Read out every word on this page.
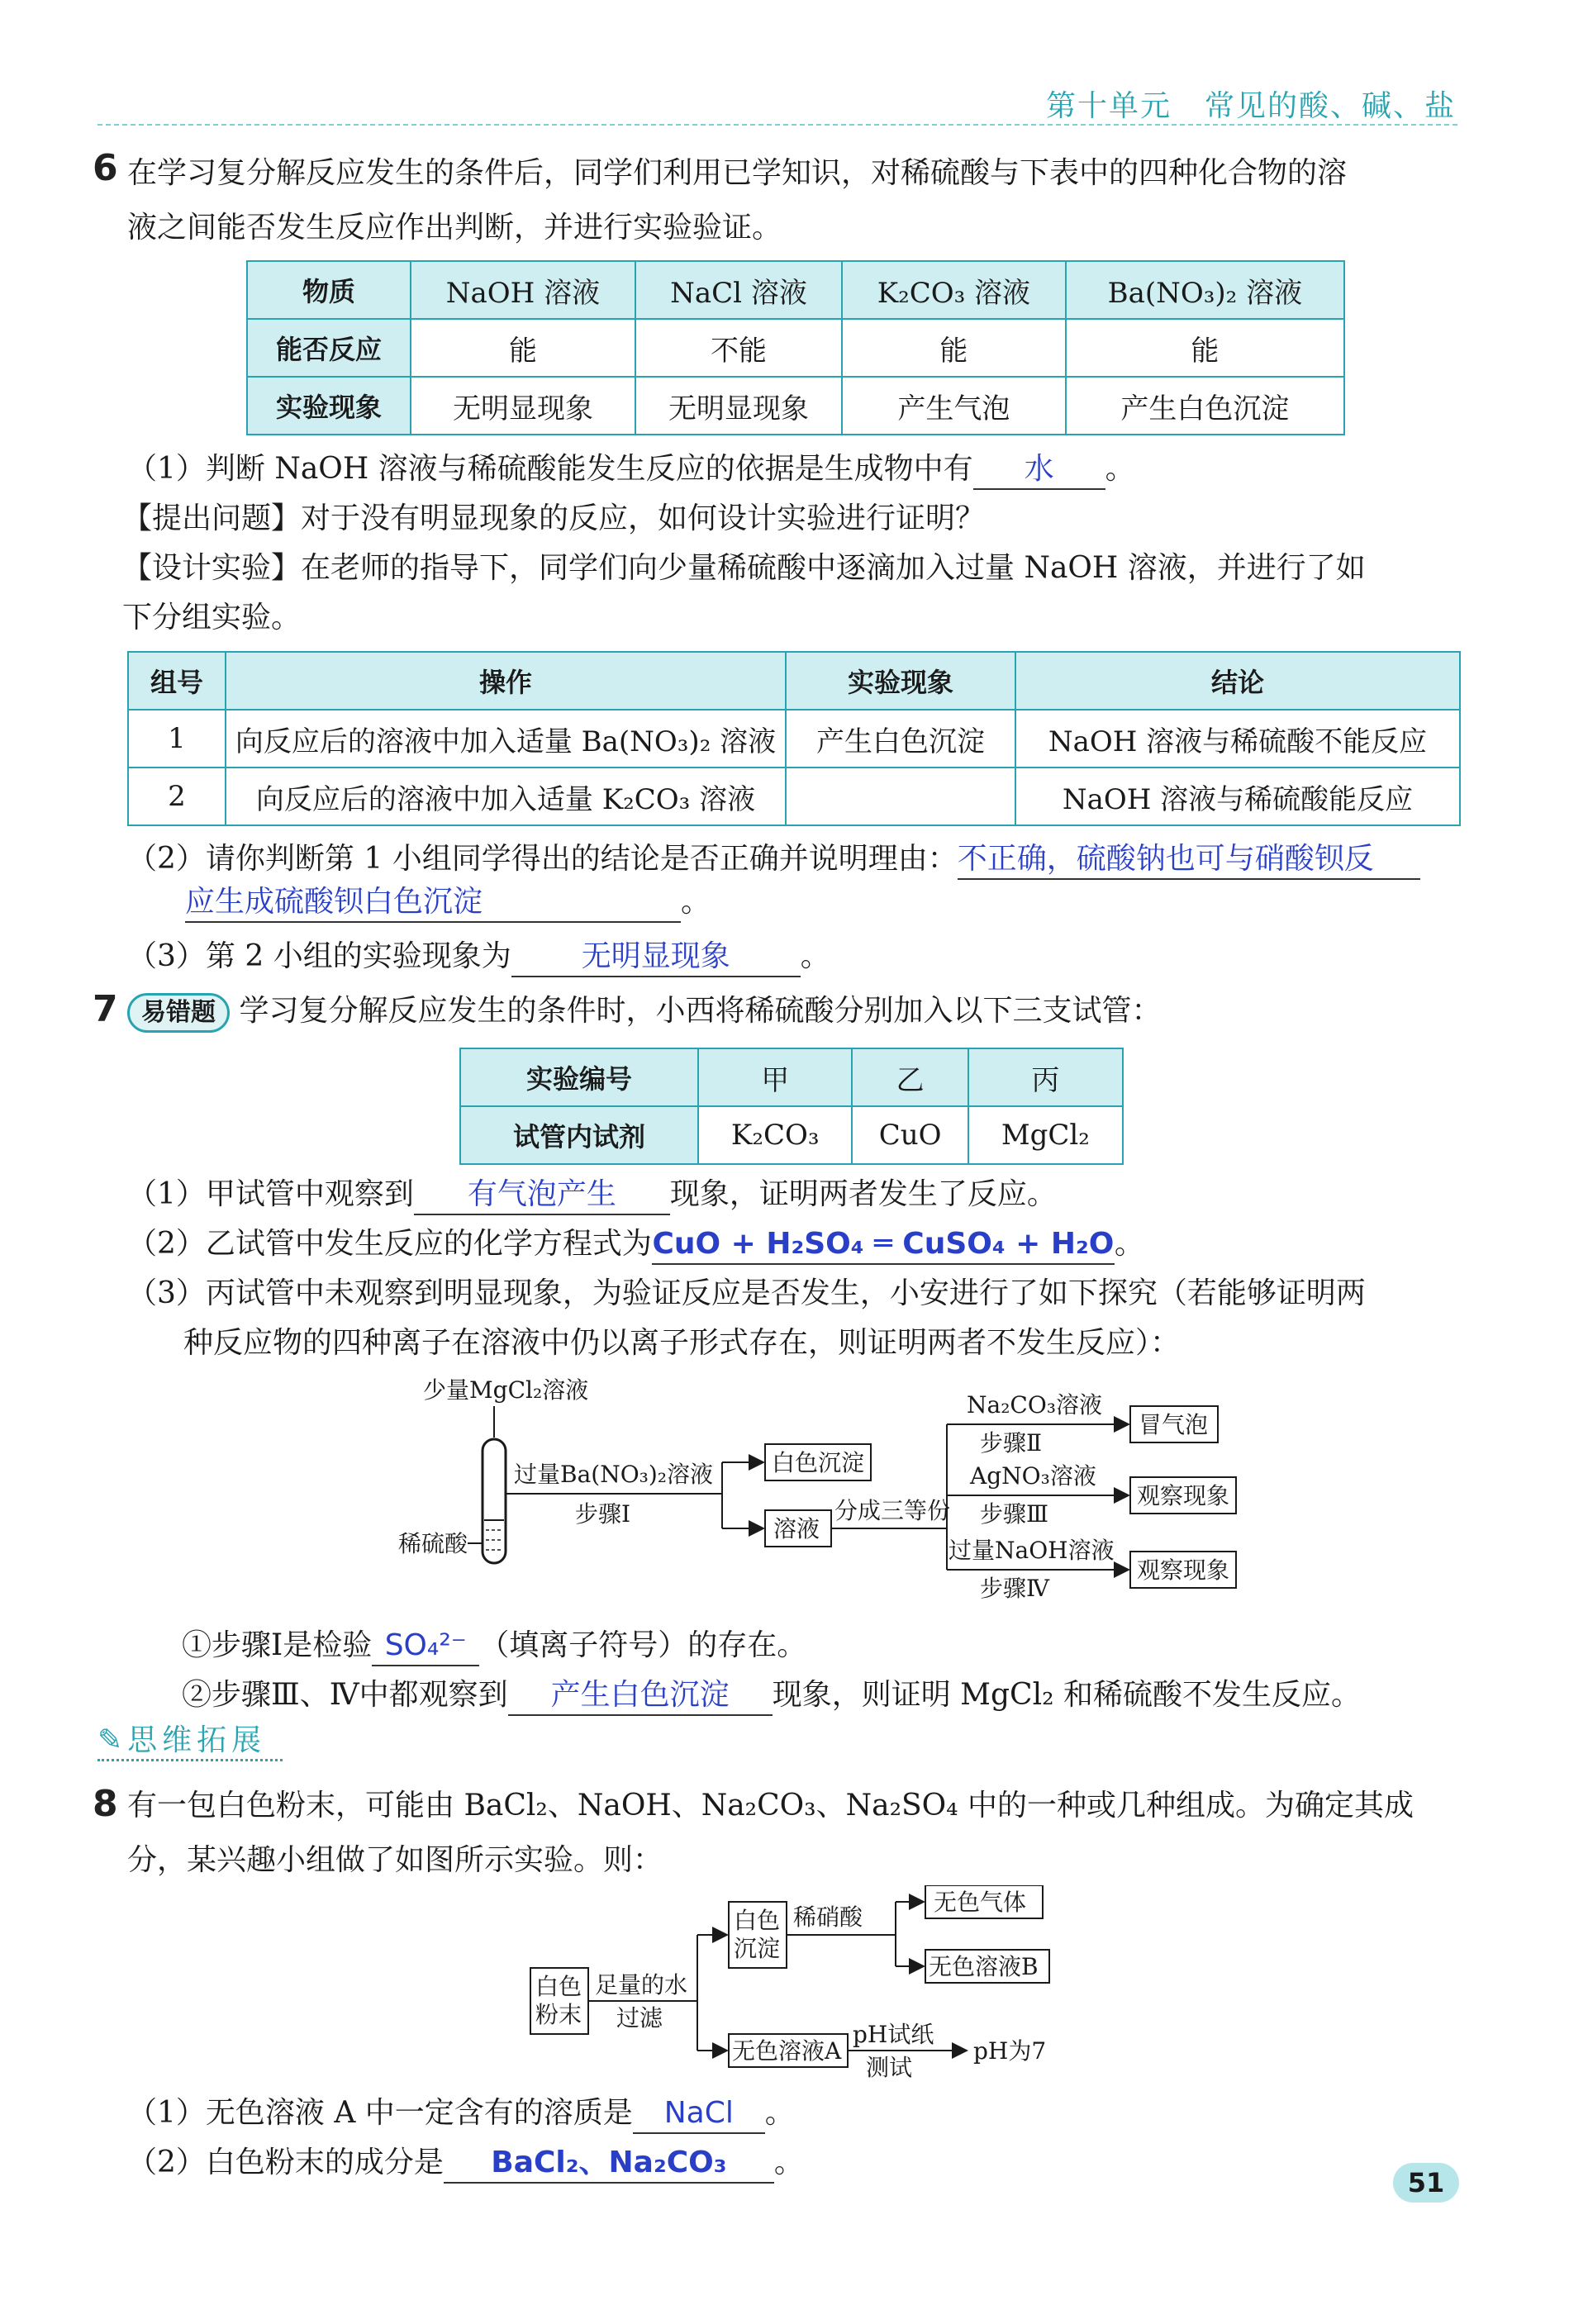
第十单元 常见的酸、碱、盐
6 在学习复分解反应发生的条件后，同学们利用已学知识，对稀硫酸与下表中的四种化合物的溶
液之间能否发生反应作出判断，并进行实验验证。
物质	NaOH 溶液	NaCl 溶液	K₂CO₃ 溶液	Ba(NO₃)₂ 溶液
能否反应	能	不能	能	能
实验现象	无明显现象	无明显现象	产生气泡	产生白色沉淀
（1）判断 NaOH 溶液与稀硫酸能发生反应的依据是生成物中有 水 。
【提出问题】对于没有明显现象的反应，如何设计实验进行证明？
【设计实验】在老师的指导下，同学们向少量稀硫酸中逐滴加入过量 NaOH 溶液，并进行了如
下分组实验。
组号	操作	实验现象	结论
1	向反应后的溶液中加入适量 Ba(NO₃)₂ 溶液	产生白色沉淀	NaOH 溶液与稀硫酸不能反应
2	向反应后的溶液中加入适量 K₂CO₃ 溶液		NaOH 溶液与稀硫酸能反应
（2）请你判断第 1 小组同学得出的结论是否正确并说明理由：不正确，硫酸钠也可与硝酸钡反
应生成硫酸钡白色沉淀	。
（3）第 2 小组的实验现象为 无明显现象 。
7 易错题 学习复分解反应发生的条件时，小西将稀硫酸分别加入以下三支试管：
实验编号	甲	乙	丙
试管内试剂	K₂CO₃	CuO	MgCl₂
（1）甲试管中观察到 有气泡产生 现象，证明两者发生了反应。
（2）乙试管中发生反应的化学方程式为CuO + H₂SO₄ ═ CuSO₄ + H₂O。
（3）丙试管中未观察到明显现象，为验证反应是否发生，小安进行了如下探究（若能够证明两
种反应物的四种离子在溶液中仍以离子形式存在，则证明两者不发生反应）：
少量MgCl₂溶液
稀硫酸
过量Ba(NO₃)₂溶液
步骤Ⅰ
白色沉淀
溶液
分成三等份
Na₂CO₃溶液
步骤Ⅱ
AgNO₃溶液
步骤Ⅲ
过量NaOH溶液
步骤Ⅳ
冒气泡
观察现象
观察现象
①步骤Ⅰ是检验 SO₄²⁻ （填离子符号）的存在。
②步骤Ⅲ、Ⅳ中都观察到 产生白色沉淀 现象，则证明 MgCl₂ 和稀硫酸不发生反应。
✎思维拓展
8 有一包白色粉末，可能由 BaCl₂、NaOH、Na₂CO₃、Na₂SO₄ 中的一种或几种组成。为确定其成
分，某兴趣小组做了如图所示实验。则：
白色
粉末
足量的水
过滤
白色
沉淀
稀硝酸
无色气体
无色溶液B
无色溶液A
pH试纸
测试
pH为7
（1）无色溶液 A 中一定含有的溶质是 NaCl 。
（2）白色粉末的成分是 BaCl₂、Na₂CO₃ 。
51
